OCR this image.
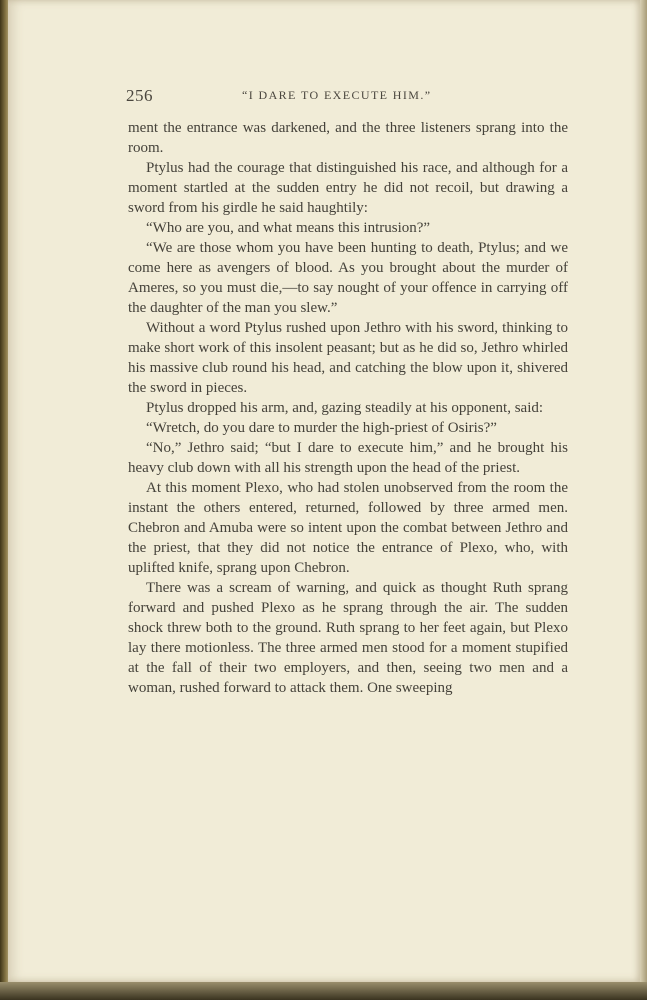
256	“I DARE TO EXECUTE HIM.”

ment the entrance was darkened, and the three listeners sprang into the room.

Ptylus had the courage that distinguished his race, and although for a moment startled at the sudden entry he did not recoil, but drawing a sword from his girdle he said haughtily:

“Who are you, and what means this intrusion?”

“We are those whom you have been hunting to death, Ptylus; and we come here as avengers of blood. As you brought about the murder of Ameres, so you must die,—to say nought of your offence in carrying off the daughter of the man you slew.”

Without a word Ptylus rushed upon Jethro with his sword, thinking to make short work of this insolent peasant; but as he did so, Jethro whirled his massive club round his head, and catching the blow upon it, shivered the sword in pieces.

Ptylus dropped his arm, and, gazing steadily at his opponent, said:

“Wretch, do you dare to murder the high-priest of Osiris?”

“No,” Jethro said; “but I dare to execute him,” and he brought his heavy club down with all his strength upon the head of the priest.

At this moment Plexo, who had stolen unobserved from the room the instant the others entered, returned, followed by three armed men. Chebron and Amuba were so intent upon the combat between Jethro and the priest, that they did not notice the entrance of Plexo, who, with uplifted knife, sprang upon Chebron.

There was a scream of warning, and quick as thought Ruth sprang forward and pushed Plexo as he sprang through the air. The sudden shock threw both to the ground. Ruth sprang to her feet again, but Plexo lay there motionless. The three armed men stood for a moment stupified at the fall of their two employers, and then, seeing two men and a woman, rushed forward to attack them. One sweeping
